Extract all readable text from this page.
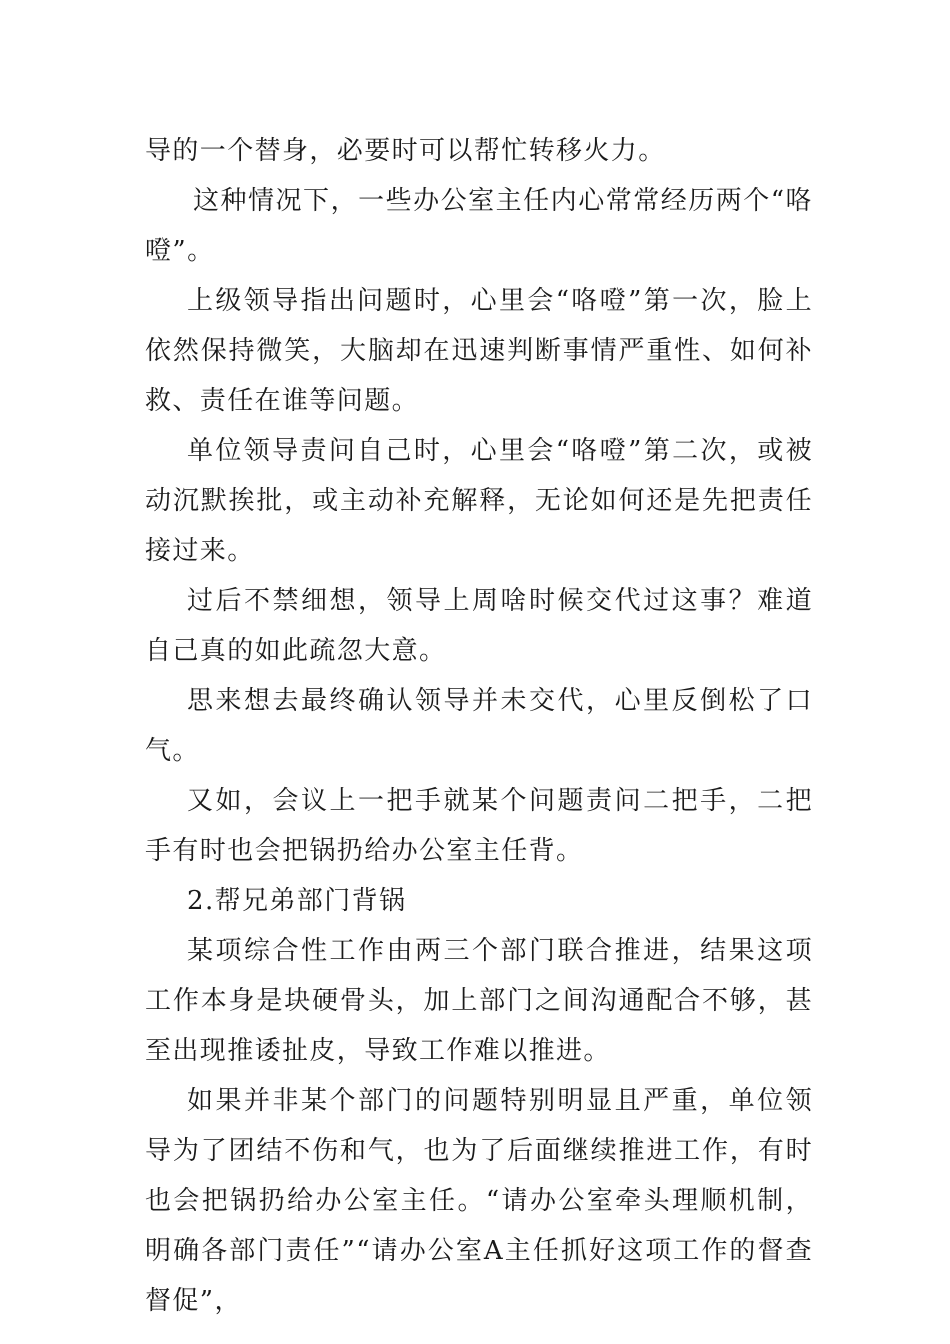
导的一个替身，必要时可以帮忙转移火力。

这种情况下，一些办公室主任内心常常经历两个“咯噔”。

上级领导指出问题时，心里会“咯噔”第一次，脸上依然保持微笑，大脑却在迅速判断事情严重性、如何补救、责任在谁等问题。

单位领导责问自己时，心里会“咯噔”第二次，或被动沉默挨批，或主动补充解释，无论如何还是先把责任接过来。

过后不禁细想，领导上周啥时候交代过这事？难道自己真的如此疏忽大意。

思来想去最终确认领导并未交代，心里反倒松了口气。

又如，会议上一把手就某个问题责问二把手，二把手有时也会把锅扔给办公室主任背。

2.帮兄弟部门背锅

某项综合性工作由两三个部门联合推进，结果这项工作本身是块硬骨头，加上部门之间沟通配合不够，甚至出现推诿扯皮，导致工作难以推进。

如果并非某个部门的问题特别明显且严重，单位领导为了团结不伤和气，也为了后面继续推进工作，有时也会把锅扔给办公室主任。“请办公室牵头理顺机制，明确各部门责任”“请办公室A主任抓好这项工作的督查督促”，
